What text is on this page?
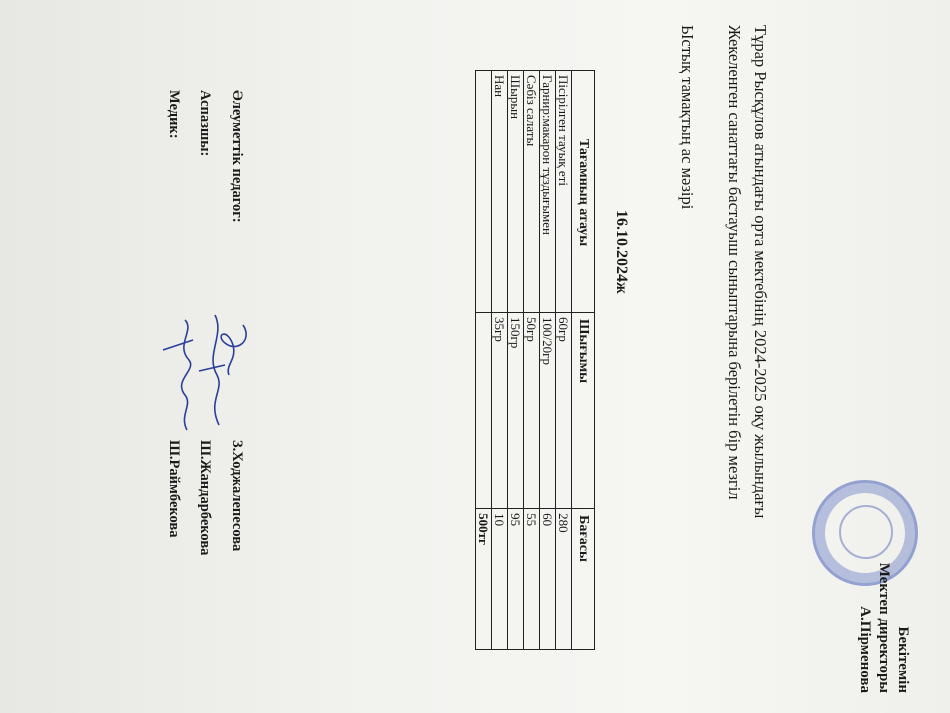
Бекітемін
Мектеп директоры
А.Пірменова
Тұрар Рысқұлов атындағы орта мектебінің 2024-2025 оқу жылындағы
Жекеленген санаттағы бастауыш сыныптарына берілетін бір мезгіл
Ыстық тамақтың ас мәзірі
16.10.2024ж
Тағамның атауы	Шығымы	Бағасы
Пісірілген тауық еті	60гр	280
Гарнир:макарон тұздығымен	100/20гр	60
Сәбіз салаты	50гр	55
Шырын	150гр	95
Нан	35гр	10
		500тг
Әлеуметтік педагог:
З.Ходжалепесова
Аспазшы:
Ш.Жандарбекова
Медик:
Ш.Раймбекова
